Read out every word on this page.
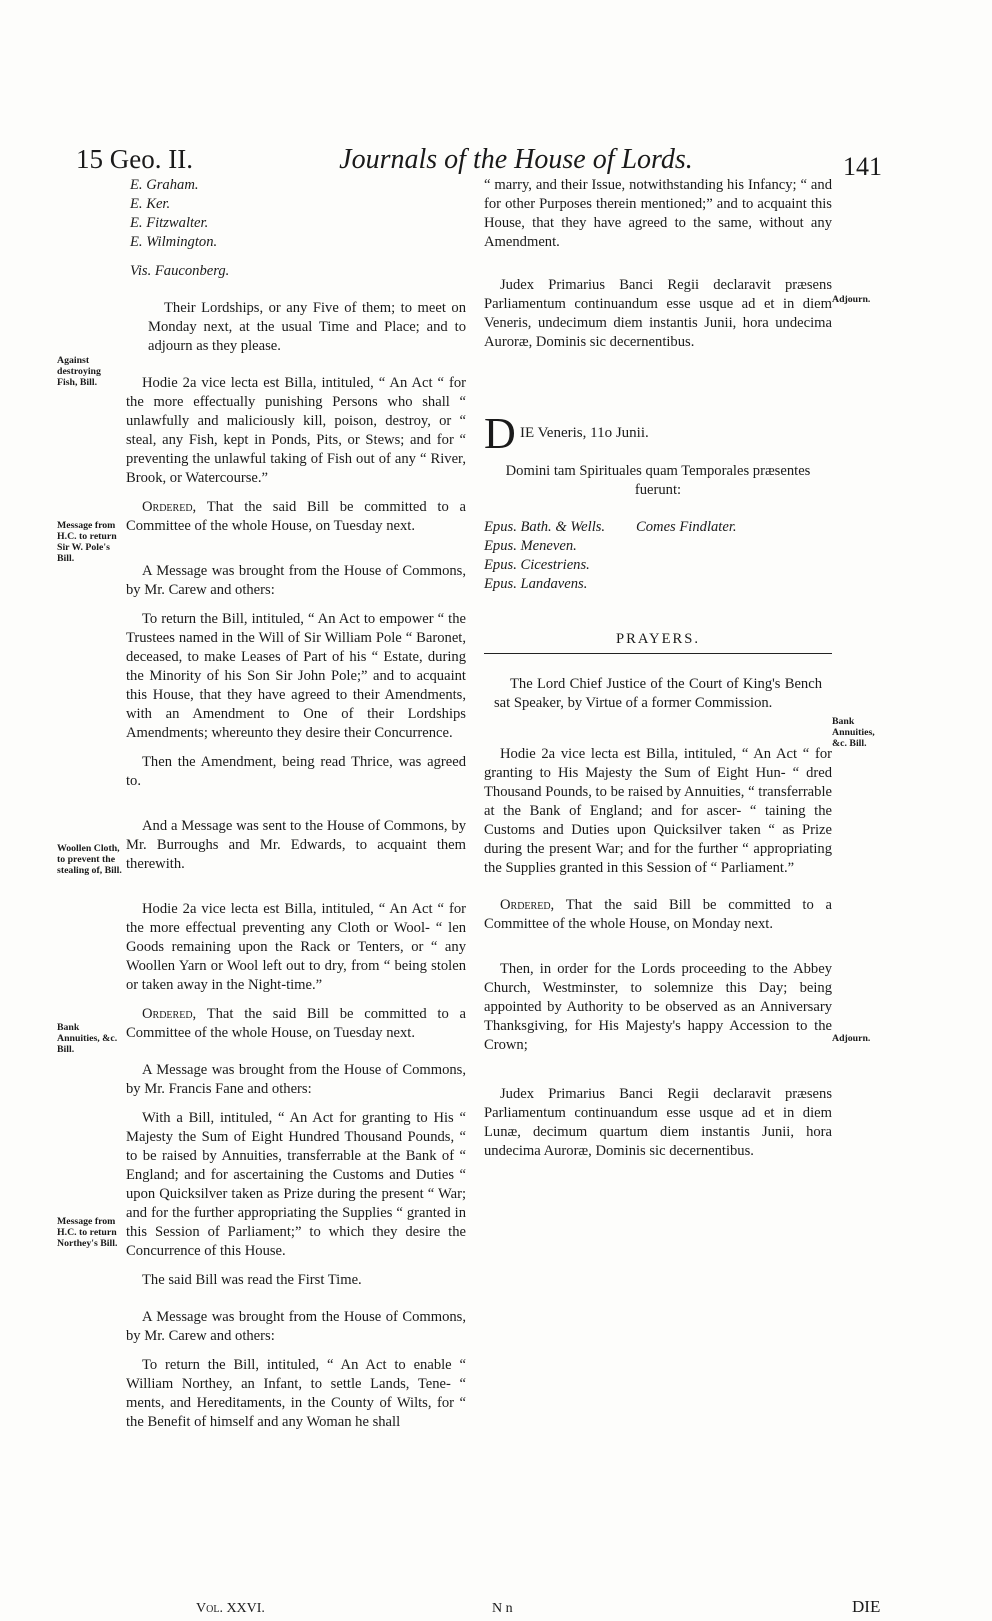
15 Geo. II.	Journals of the House of Lords.	141
Against destroying Fish, Bill.
Message from H.C. to return Sir W. Pole's Bill.
Woollen Cloth, to prevent the stealing of, Bill.
Bank Annuities, &c. Bill.
Message from H.C. to return Northey's Bill.
Adjourn.
Bank Annuities, &c. Bill.
Adjourn.
E. Graham.
E. Ker.
E. Fitzwalter.
E. Wilmington.
Vis. Fauconberg.

Their Lordships, or any Five of them; to meet on Monday next, at the usual Time and Place; and to adjourn as they please.

Hodie 2a vice lecta est Billa, intituled, “ An Act “ for the more effectually punishing Persons who shall “ unlawfully and maliciously kill, poison, destroy, or “ steal, any Fish, kept in Ponds, Pits, or Stews; and for “ preventing the unlawful taking of Fish out of any “ River, Brook, or Watercourse.”

Ordered, That the said Bill be committed to a Committee of the whole House, on Tuesday next.

A Message was brought from the House of Commons, by Mr. Carew and others:

To return the Bill, intituled, “ An Act to empower “ the Trustees named in the Will of Sir William Pole “ Baronet, deceased, to make Leases of Part of his “ Estate, during the Minority of his Son Sir John Pole;” and to acquaint this House, that they have agreed to their Amendments, with an Amendment to One of their Lordships Amendments; whereunto they desire their Concurrence.

Then the Amendment, being read Thrice, was agreed to.

And a Message was sent to the House of Commons, by Mr. Burroughs and Mr. Edwards, to acquaint them therewith.

Hodie 2a vice lecta est Billa, intituled, “ An Act “ for the more effectual preventing any Cloth or Wool- “ len Goods remaining upon the Rack or Tenters, or “ any Woollen Yarn or Wool left out to dry, from “ being stolen or taken away in the Night-time.”

Ordered, That the said Bill be committed to a Committee of the whole House, on Tuesday next.

A Message was brought from the House of Commons, by Mr. Francis Fane and others:

With a Bill, intituled, “ An Act for granting to His “ Majesty the Sum of Eight Hundred Thousand Pounds, “ to be raised by Annuities, transferrable at the Bank of “ England; and for ascertaining the Customs and Duties “ upon Quicksilver taken as Prize during the present “ War; and for the further appropriating the Supplies “ granted in this Session of Parliament;” to which they desire the Concurrence of this House.

The said Bill was read the First Time.

A Message was brought from the House of Commons, by Mr. Carew and others:

To return the Bill, intituled, “ An Act to enable “ William Northey, an Infant, to settle Lands, Tene- “ ments, and Hereditaments, in the County of Wilts, for “ the Benefit of himself and any Woman he shall

“ marry, and their Issue, notwithstanding his Infancy; “ and for other Purposes therein mentioned;” and to acquaint this House, that they have agreed to the same, without any Amendment.

Judex Primarius Banci Regii declaravit præsens Parliamentum continuandum esse usque ad et in diem Veneris, undecimum diem instantis Junii, hora undecima Auroræ, Dominis sic decernentibus.

D IE Veneris, 11o Junii.

Domini tam Spirituales quam Temporales præsentes fuerunt:

Epus. Bath. & Wells.
Epus. Meneven.
Epus. Cicestriens.
Epus. Landavens.
Comes Findlater.
PRAYERS.

The Lord Chief Justice of the Court of King's Bench sat Speaker, by Virtue of a former Commission.

Hodie 2a vice lecta est Billa, intituled, “ An Act “ for granting to His Majesty the Sum of Eight Hun- “ dred Thousand Pounds, to be raised by Annuities, “ transferrable at the Bank of England; and for ascer- “ taining the Customs and Duties upon Quicksilver taken “ as Prize during the present War; and for the further “ appropriating the Supplies granted in this Session of “ Parliament.”

Ordered, That the said Bill be committed to a Committee of the whole House, on Monday next.

Then, in order for the Lords proceeding to the Abbey Church, Westminster, to solemnize this Day; being appointed by Authority to be observed as an Anniversary Thanksgiving, for His Majesty's happy Accession to the Crown;

Judex Primarius Banci Regii declaravit præsens Parliamentum continuandum esse usque ad et in diem Lunæ, decimum quartum diem instantis Junii, hora undecima Auroræ, Dominis sic decernentibus.

Vol. XXVI.	N n	DIE
